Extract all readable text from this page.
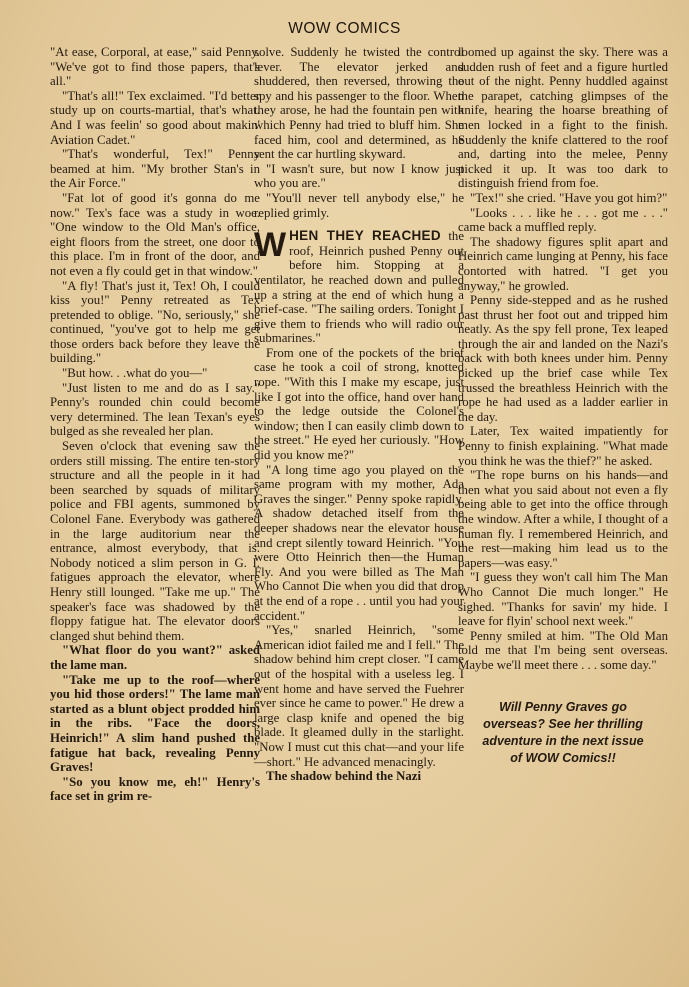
WOW COMICS

"At ease, Corporal, at ease," said Penny. "We've got to find those papers, that's all."

"That's all!" Tex exclaimed. "I'd better study up on courts-martial, that's what. And I was feelin' so good about makin' Aviation Cadet."

"That's wonderful, Tex!" Penny beamed at him. "My brother Stan's in the Air Force."

"Fat lot of good it's gonna do me now." Tex's face was a study in woe. "One window to the Old Man's office, eight floors from the street, one door to this place. I'm in front of the door, and not even a fly could get in that window."

"A fly! That's just it, Tex! Oh, I could kiss you!" Penny retreated as Tex pretended to oblige. "No, seriously," she continued, "you've got to help me get those orders back before they leave the building."

"But how. . .what do you—"

"Just listen to me and do as I say." Penny's rounded chin could become very determined. The lean Texan's eyes bulged as she revealed her plan.

Seven o'clock that evening saw the orders still missing. The entire ten-story structure and all the people in it had been searched by squads of military police and FBI agents, summoned by Colonel Fane. Everybody was gathered in the large auditorium near the entrance, almost everybody, that is. Nobody noticed a slim person in G. I. fatigues approach the elevator, where Henry still lounged. "Take me up." The speaker's face was shadowed by the floppy fatigue hat. The elevator doors clanged shut behind them.

"What floor do you want?" asked the lame man.

"Take me up to the roof—where you hid those orders!" The lame man started as a blunt object prodded him in the ribs. "Face the doors, Heinrich!" A slim hand pushed the fatigue hat back, revealing Penny Graves!

"So you know me, eh!" Henry's face set in grim re-

solve. Suddenly he twisted the control lever. The elevator jerked and shuddered, then reversed, throwing the spy and his passenger to the floor. When they arose, he had the fountain pen with which Penny had tried to bluff him. She faced him, cool and determined, as he sent the car hurtling skyward.

"I wasn't sure, but now I know just who you are."

"You'll never tell anybody else," he replied grimly.

W HEN THEY REACHED the roof, Heinrich pushed Penny out before him. Stopping at a ventilator, he reached down and pulled up a string at the end of which hung a brief-case. "The sailing orders. Tonight I give them to friends who will radio our submarines."

From one of the pockets of the brief case he took a coil of strong, knotted rope. "With this I make my escape, just like I got into the office, hand over hand to the ledge outside the Colonel's window; then I can easily climb down to the street." He eyed her curiously. "How did you know me?"

"A long time ago you played on the same program with my mother, Ada Graves the singer." Penny spoke rapidly. A shadow detached itself from the deeper shadows near the elevator house and crept silently toward Heinrich. "You were Otto Heinrich then—the Human Fly. And you were billed as The Man Who Cannot Die when you did that drop at the end of a rope . . until you had your accident."

"Yes," snarled Heinrich, "some American idiot failed me and I fell." The shadow behind him crept closer. "I came out of the hospital with a useless leg. I went home and have served the Fuehrer ever since he came to power." He drew a large clasp knife and opened the big blade. It gleamed dully in the starlight. "Now I must cut this chat—and your life—short." He advanced menacingly.

The shadow behind the Nazi

loomed up against the sky. There was a sudden rush of feet and a figure hurtled out of the night. Penny huddled against the parapet, catching glimpses of the knife, hearing the hoarse breathing of men locked in a fight to the finish. Suddenly the knife clattered to the roof and, darting into the melee, Penny picked it up. It was too dark to distinguish friend from foe.

"Tex!" she cried. "Have you got him?"

"Looks . . . like he . . . got me . . ." came back a muffled reply.

The shadowy figures split apart and Heinrich came lunging at Penny, his face contorted with hatred. "I get you anyway," he growled.

Penny side-stepped and as he rushed past thrust her foot out and tripped him neatly. As the spy fell prone, Tex leaped through the air and landed on the Nazi's back with both knees under him. Penny picked up the brief case while Tex trussed the breathless Heinrich with the rope he had used as a ladder earlier in the day.

Later, Tex waited impatiently for Penny to finish explaining. "What made you think he was the thief?" he asked.

"The rope burns on his hands—and then what you said about not even a fly being able to get into the office through the window. After a while, I thought of a human fly. I remembered Heinrich, and the rest—making him lead us to the papers—was easy."

"I guess they won't call him The Man Who Cannot Die much longer." He sighed. "Thanks for savin' my hide. I leave for flyin' school next week."

Penny smiled at him. "The Old Man told me that I'm being sent overseas. Maybe we'll meet there . . . some day."

Will Penny Graves go

overseas? See her thrilling

adventure in the next issue

of WOW Comics!!
